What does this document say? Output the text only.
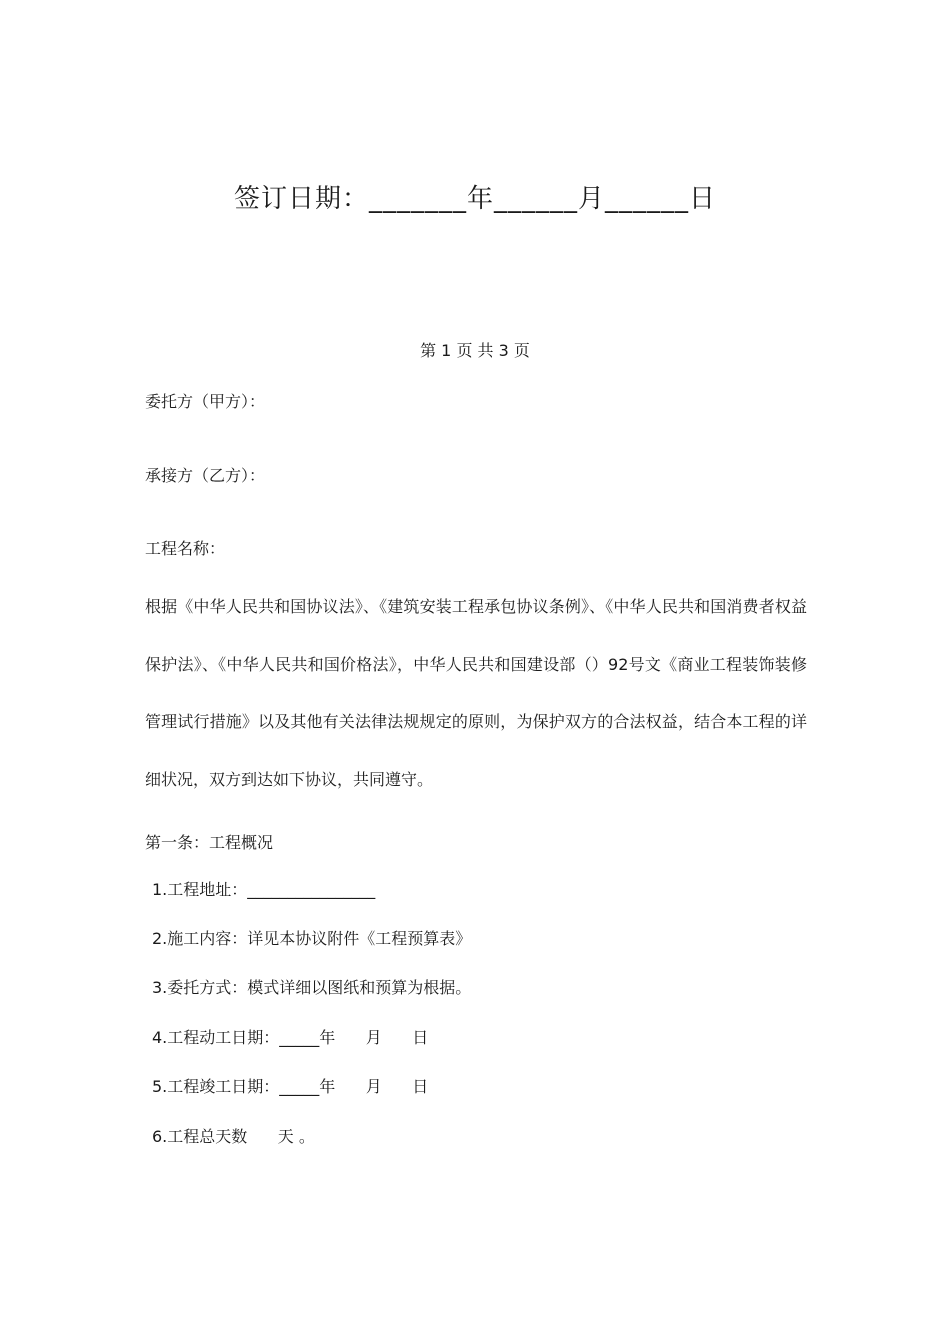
签订日期：_______年______月______日
第 1 页 共 3 页
委托方（甲方）：
承接方（乙方）：
工程名称：

根据《中华人民共和国协议法》、《建筑安装工程承包协议条例》、《中华人民共和国消费者权益保护法》、《中华人民共和国价格法》，中华人民共和国建设部（）92号文《商业工程装饰装修管理试行措施》以及其他有关法律法规规定的原则，为保护双方的合法权益，结合本工程的详细状况，双方到达如下协议，共同遵守。

第一条：工程概况
1.工程地址：________________
2.施工内容：详见本协议附件《工程预算表》
3.委托方式：模式详细以图纸和预算为根据。
4.工程动工日期：_____年      月      日
5.工程竣工日期：_____年      月      日
6.工程总天数      天 。
